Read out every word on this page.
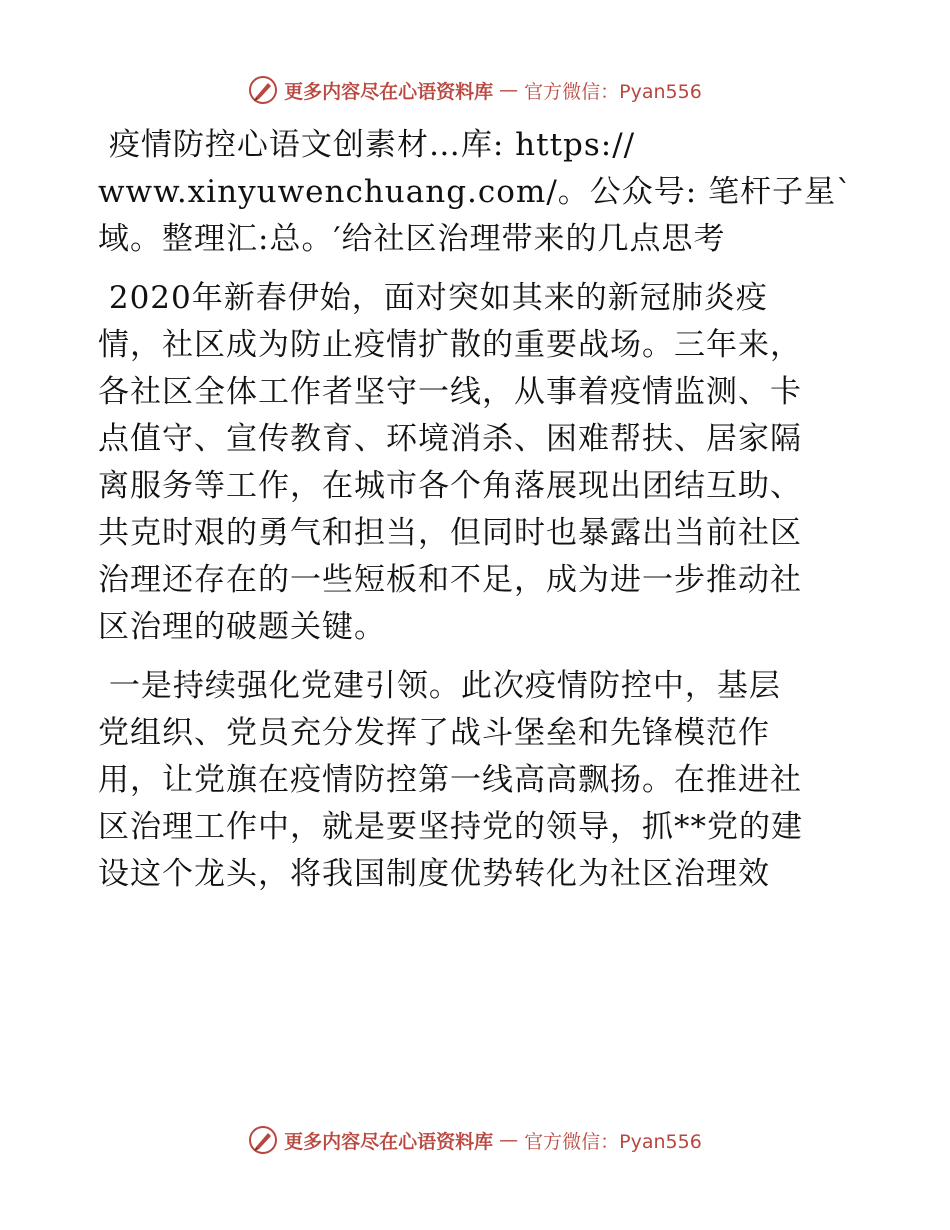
更多内容尽在心语资料库 — 官方微信：Pyan556

疫情防控心语文创素材…库: https://
www.xinyuwenchuang.com/。公众号: 笔杆子星`
域。整理汇:总。′给社区治理带来的几点思考

2020年新春伊始，面对突如其来的新冠肺炎疫
情，社区成为防止疫情扩散的重要战场。三年来，
各社区全体工作者坚守一线，从事着疫情监测、卡
点值守、宣传教育、环境消杀、困难帮扶、居家隔
离服务等工作，在城市各个角落展现出团结互助、
共克时艰的勇气和担当，但同时也暴露出当前社区
治理还存在的一些短板和不足，成为进一步推动社
区治理的破题关键。

一是持续强化党建引领。此次疫情防控中，基层
党组织、党员充分发挥了战斗堡垒和先锋模范作
用，让党旗在疫情防控第一线高高飘扬。在推进社
区治理工作中，就是要坚持党的领导，抓**党的建
设这个龙头，将我国制度优势转化为社区治理效

更多内容尽在心语资料库 — 官方微信：Pyan556
